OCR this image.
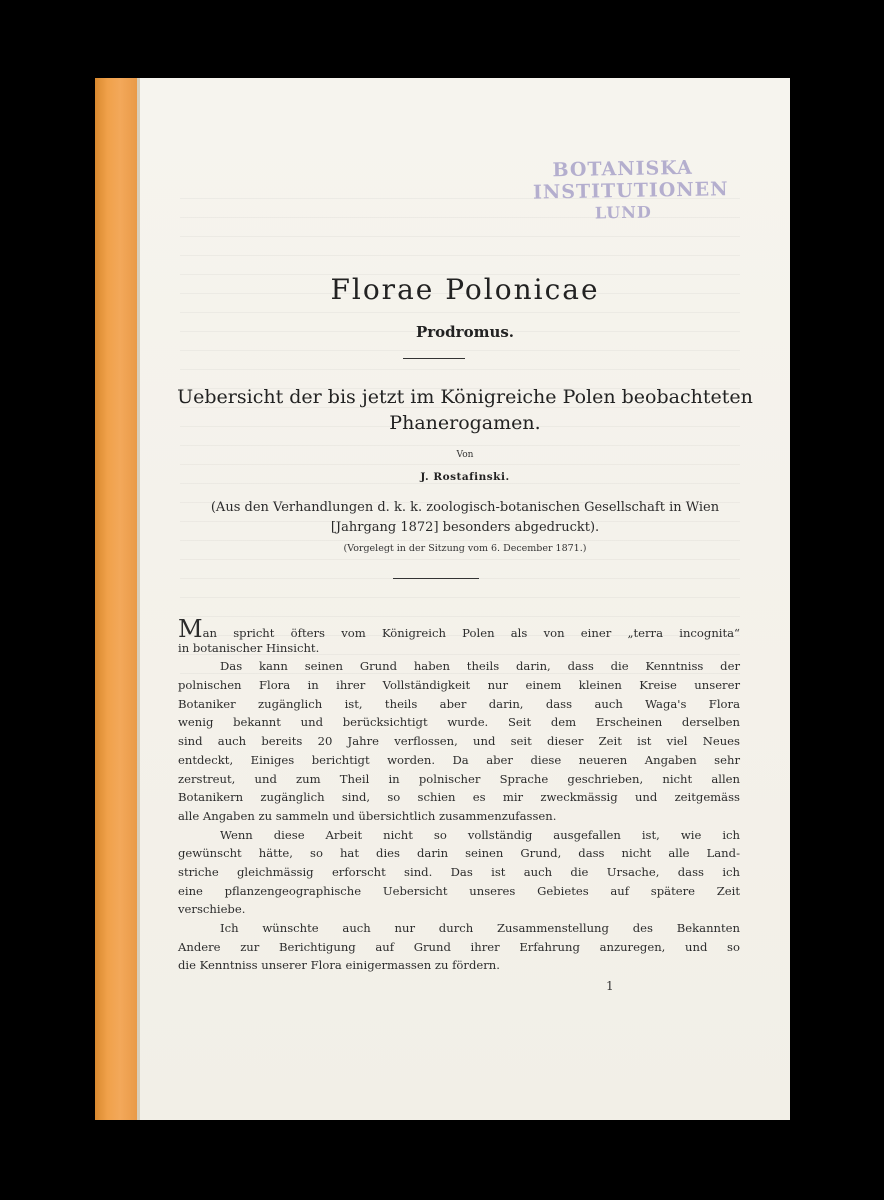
BOTANISKA
INSTITUTIONEN
LUND
Florae Polonicae
Prodromus.
Uebersicht der bis jetzt im Königreiche Polen beobachteten
Phanerogamen.
Von
J. Rostafinski.
(Aus den Verhandlungen d. k. k. zoologisch-botanischen Gesellschaft in Wien
[Jahrgang 1872] besonders abgedruckt).
(Vorgelegt in der Sitzung vom 6. December 1871.)
Man spricht öfters vom Königreich Polen als von einer „terra incognita“
in botanischer Hinsicht.
Das kann seinen Grund haben theils darin, dass die Kenntniss der
polnischen Flora in ihrer Vollständigkeit nur einem kleinen Kreise unserer
Botaniker zugänglich ist, theils aber darin, dass auch Waga's Flora
wenig bekannt und berücksichtigt wurde. Seit dem Erscheinen derselben
sind auch bereits 20 Jahre verflossen, und seit dieser Zeit ist viel Neues
entdeckt, Einiges berichtigt worden. Da aber diese neueren Angaben sehr
zerstreut, und zum Theil in polnischer Sprache geschrieben, nicht allen
Botanikern zugänglich sind, so schien es mir zweckmässig und zeitgemäss
alle Angaben zu sammeln und übersichtlich zusammenzufassen.
Wenn diese Arbeit nicht so vollständig ausgefallen ist, wie ich
gewünscht hätte, so hat dies darin seinen Grund, dass nicht alle Land-
striche gleichmässig erforscht sind. Das ist auch die Ursache, dass ich
eine pflanzengeographische Uebersicht unseres Gebietes auf spätere Zeit
verschiebe.
Ich wünschte auch nur durch Zusammenstellung des Bekannten
Andere zur Berichtigung auf Grund ihrer Erfahrung anzuregen, und so
die Kenntniss unserer Flora einigermassen zu fördern.
1
